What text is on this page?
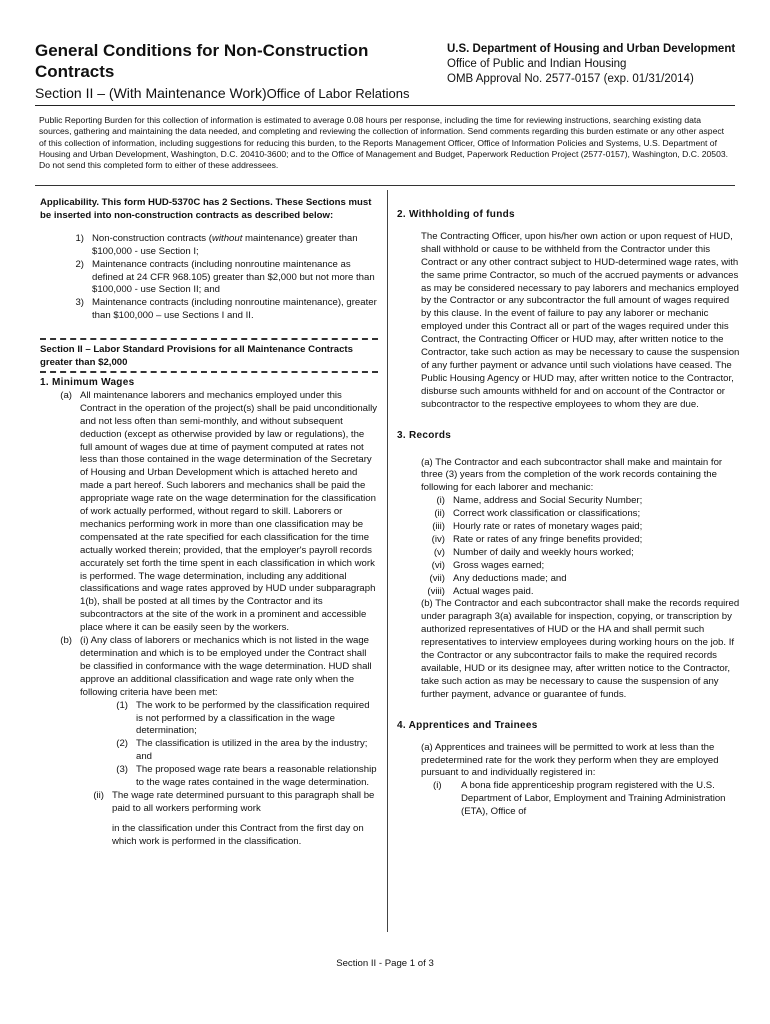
General Conditions for Non-Construction Contracts
Section II – (With Maintenance Work)Office of Labor Relations
U.S. Department of Housing and Urban Development
Office of Public and Indian Housing
OMB Approval No. 2577-0157 (exp. 01/31/2014)
Public Reporting Burden for this collection of information is estimated to average 0.08 hours per response, including the time for reviewing instructions, searching existing data sources, gathering and maintaining the data needed, and completing and reviewing the collection of information. Send comments regarding this burden estimate or any other aspect of this collection of information, including suggestions for reducing this burden, to the Reports Management Officer, Office of Information Policies and Systems, U.S. Department of Housing and Urban Development, Washington, D.C. 20410-3600; and to the Office of Management and Budget, Paperwork Reduction Project (2577-0157), Washington, D.C. 20503. Do not send this completed form to either of these addressees.
Applicability. This form HUD-5370C has 2 Sections. These Sections must be inserted into non-construction contracts as described below:
1) Non-construction contracts (without maintenance) greater than $100,000 - use Section I;
2) Maintenance contracts (including nonroutine maintenance as defined at 24 CFR 968.105) greater than $2,000 but not more than $100,000 - use Section II; and
3) Maintenance contracts (including nonroutine maintenance), greater than $100,000 – use Sections I and II.
Section II – Labor Standard Provisions for all Maintenance Contracts greater than $2,000
1. Minimum Wages
(a) All maintenance laborers and mechanics employed under this Contract in the operation of the project(s) shall be paid unconditionally and not less often than semi-monthly, and without subsequent deduction (except as otherwise provided by law or regulations), the full amount of wages due at time of payment computed at rates not less than those contained in the wage determination of the Secretary of Housing and Urban Development which is attached hereto and made a part hereof. Such laborers and mechanics shall be paid the appropriate wage rate on the wage determination for the classification of work actually performed, without regard to skill. Laborers or mechanics performing work in more than one classification may be compensated at the rate specified for each classification for the time actually worked therein; provided, that the employer's payroll records accurately set forth the time spent in each classification in which work is performed. The wage determination, including any additional classifications and wage rates approved by HUD under subparagraph 1(b), shall be posted at all times by the Contractor and its subcontractors at the site of the work in a prominent and accessible place where it can be easily seen by the workers.
(b) (i) Any class of laborers or mechanics which is not listed in the wage determination and which is to be employed under the Contract shall be classified in conformance with the wage determination. HUD shall approve an additional classification and wage rate only when the following criteria have been met:
(1) The work to be performed by the classification required is not performed by a classification in the wage determination;
(2) The classification is utilized in the area by the industry; and
(3) The proposed wage rate bears a reasonable relationship to the wage rates contained in the wage determination.
(ii) The wage rate determined pursuant to this paragraph shall be paid to all workers performing work
in the classification under this Contract from the first day on which work is performed in the classification.
2. Withholding of funds
The Contracting Officer, upon his/her own action or upon request of HUD, shall withhold or cause to be withheld from the Contractor under this Contract or any other contract subject to HUD-determined wage rates, with the same prime Contractor, so much of the accrued payments or advances as may be considered necessary to pay laborers and mechanics employed by the Contractor or any subcontractor the full amount of wages required by this clause. In the event of failure to pay any laborer or mechanic employed under this Contract all or part of the wages required under this Contract, the Contracting Officer or HUD may, after written notice to the Contractor, take such action as may be necessary to cause the suspension of any further payment or advance until such violations have ceased. The Public Housing Agency or HUD may, after written notice to the Contractor, disburse such amounts withheld for and on account of the Contractor or subcontractor to the respective employees to whom they are due.
3. Records
(a) The Contractor and each subcontractor shall make and maintain for three (3) years from the completion of the work records containing the following for each laborer and mechanic:
(i) Name, address and Social Security Number;
(ii) Correct work classification or classifications;
(iii) Hourly rate or rates of monetary wages paid;
(iv) Rate or rates of any fringe benefits provided;
(v) Number of daily and weekly hours worked;
(vi) Gross wages earned;
(vii) Any deductions made; and
(viii) Actual wages paid.
(b) The Contractor and each subcontractor shall make the records required under paragraph 3(a) available for inspection, copying, or transcription by authorized representatives of HUD or the HA and shall permit such representatives to interview employees during working hours on the job. If the Contractor or any subcontractor fails to make the required records available, HUD or its designee may, after written notice to the Contractor, take such action as may be necessary to cause the suspension of any further payment, advance or guarantee of funds.
4. Apprentices and Trainees
(a) Apprentices and trainees will be permitted to work at less than the predetermined rate for the work they perform when they are employed pursuant to and individually registered in:
(i)	A bona fide apprenticeship program registered with the U.S. Department of Labor, Employment and Training Administration (ETA), Office of
Section II - Page 1 of 3
